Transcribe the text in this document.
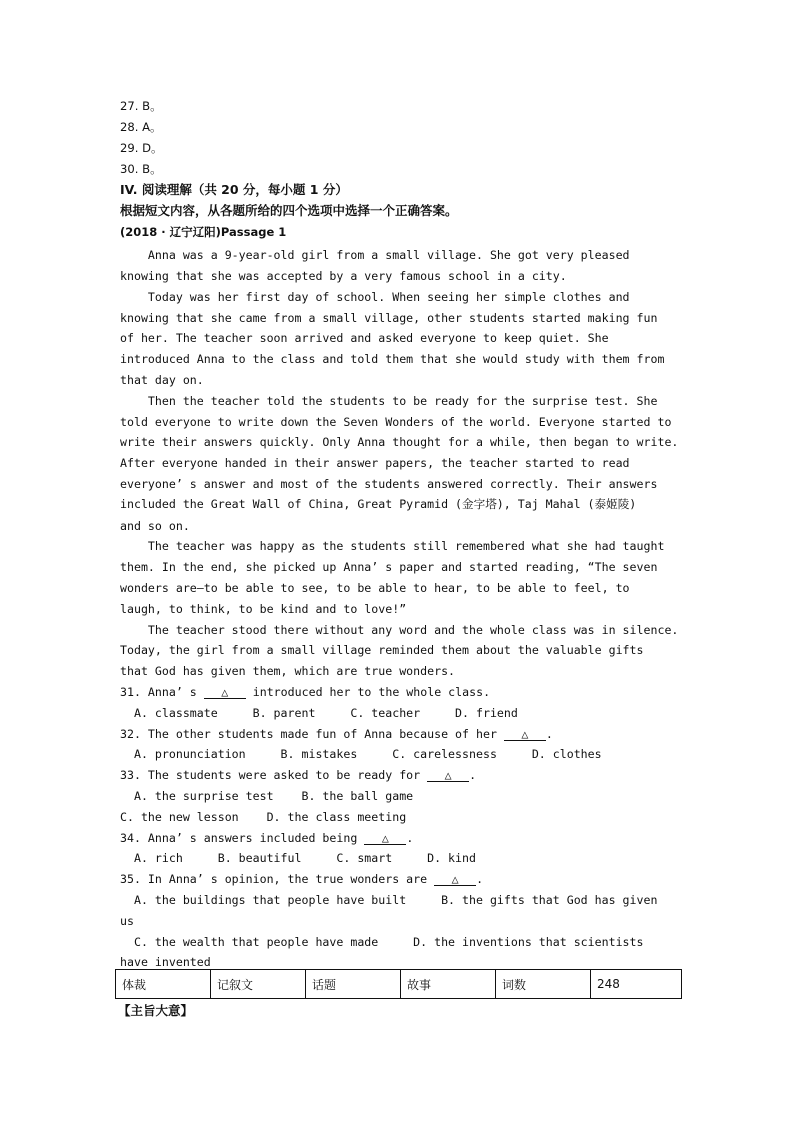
27. B。
28. A。
29. D。
30. B。
IV. 阅读理解（共 20 分，每小题 1 分）
根据短文内容，从各题所给的四个选项中选择一个正确答案。
(2018 · 辽宁辽阳)Passage 1
Anna was a 9-year-old girl from a small village. She got very pleased
knowing that she was accepted by a very famous school in a city.
Today was her first day of school. When seeing her simple clothes and
knowing that she came from a small village, other students started making fun
of her. The teacher soon arrived and asked everyone to keep quiet. She
introduced Anna to the class and told them that she would study with them from
that day on.
Then the teacher told the students to be ready for the surprise test. She
told everyone to write down the Seven Wonders of the world. Everyone started to
write their answers quickly. Only Anna thought for a while, then began to write.
After everyone handed in their answer papers, the teacher started to read
everyone’ s answer and most of the students answered correctly. Their answers
included the Great Wall of China, Great Pyramid (金字塔), Taj Mahal (泰姬陵)
and so on.
The teacher was happy as the students still remembered what she had taught
them. In the end, she picked up Anna’ s paper and started reading, “The seven
wonders are—to be able to see, to be able to hear, to be able to feel, to
laugh, to think, to be kind and to love!”
The teacher stood there without any word and the whole class was in silence.
Today, the girl from a small village reminded them about the valuable gifts
that God has given them, which are true wonders.
31. Anna’ s △ introduced her to the whole class.
A. classmate     B. parent     C. teacher     D. friend
32. The other students made fun of Anna because of her △ .
A. pronunciation     B. mistakes     C. carelessness     D. clothes
33. The students were asked to be ready for △ .
A. the surprise test    B. the ball game
C. the new lesson    D. the class meeting
34. Anna’ s answers included being △ .
A. rich     B. beautiful     C. smart     D. kind
35. In Anna’ s opinion, the true wonders are △ .
A. the buildings that people have built     B. the gifts that God has given
us
C. the wealth that people have made     D. the inventions that scientists
have invented
体裁	记叙文	话题	故事	词数	248
【主旨大意】
